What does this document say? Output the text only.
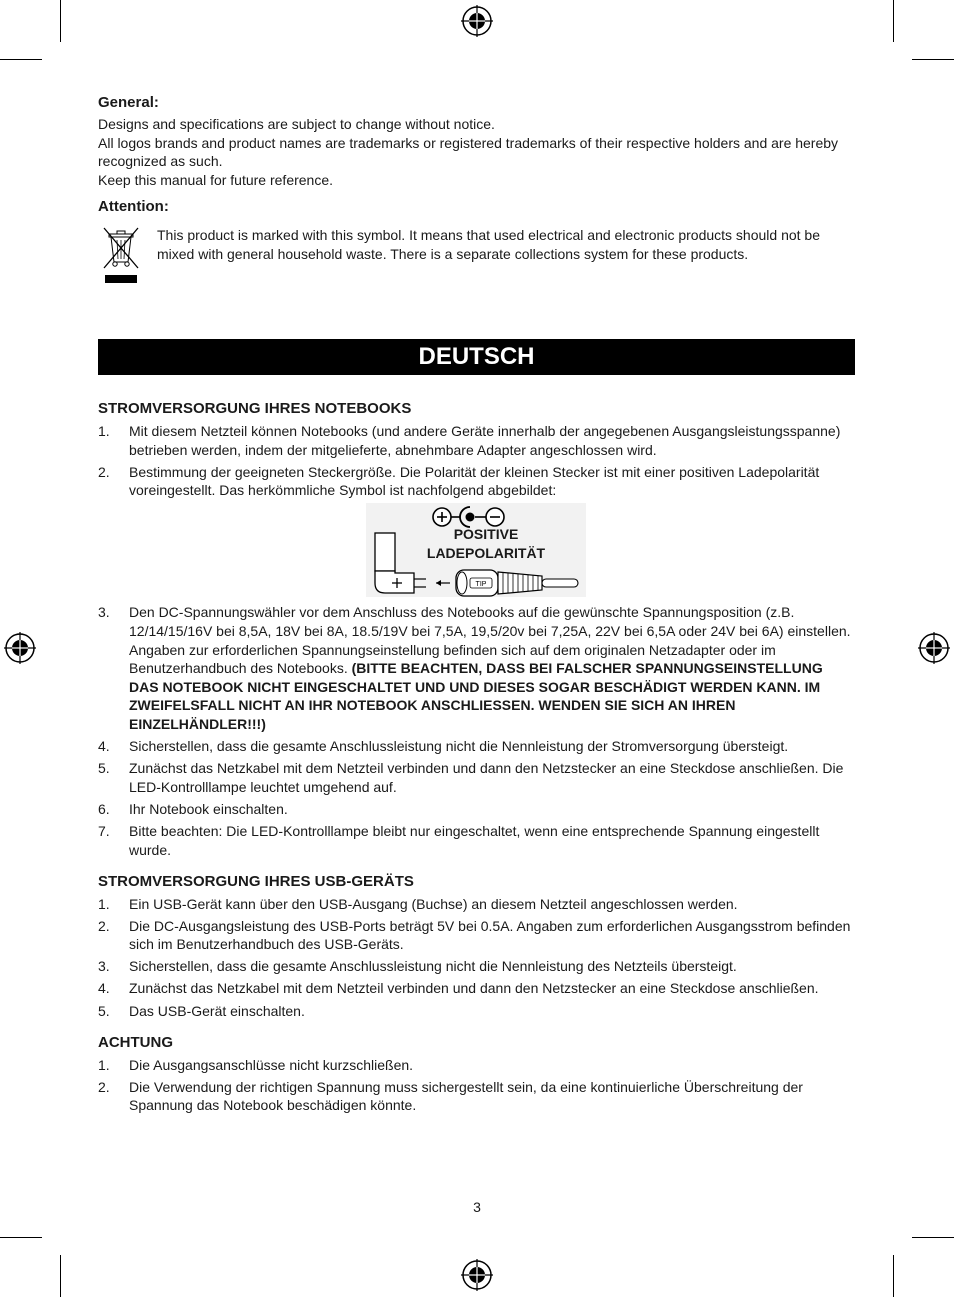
General:

Designs and specifications are subject to change without notice.

All logos brands and product names are trademarks or registered trademarks of their respective holders and are hereby recognized as such.

Keep this manual for future reference.

Attention:

This product is marked with this symbol. It means that used electrical and electronic products should not be mixed with general household waste. There is a separate collections system for these products.

DEUTSCH
STROMVERSORGUNG IHRES NOTEBOOKS
1. Mit diesem Netzteil können Notebooks (und andere Geräte innerhalb der angegebenen Ausgangsleistungsspanne) betrieben werden, indem der mitgelieferte, abnehmbare Adapter angeschlossen wird.
2. Bestimmung der geeigneten Steckergröße. Die Polarität der kleinen Stecker ist mit einer positiven Ladepolarität voreingestellt. Das herkömmliche Symbol ist nachfolgend abgebildet:
TIP
POSITIVE
LADEPOLARITÄT
3. Den DC-Spannungswähler vor dem Anschluss des Notebooks auf die gewünschte Spannungsposition (z.B. 12/14/15/16V bei 8,5A, 18V bei 8A, 18.5/19V bei 7,5A, 19,5/20v bei 7,25A, 22V bei 6,5A oder 24V bei 6A) einstellen. Angaben zur erforderlichen Spannungseinstellung befinden sich auf dem originalen Netzadapter oder im Benutzerhandbuch des Notebooks. (BITTE BEACHTEN, DASS BEI FALSCHER SPANNUNGSEINSTELLUNG DAS NOTEBOOK NICHT EINGESCHALTET UND UND DIESES SOGAR BESCHÄDIGT WERDEN KANN. IM ZWEIFELSFALL NICHT AN IHR NOTEBOOK ANSCHLIESSEN. WENDEN SIE SICH AN IHREN EINZELHÄNDLER!!!)
4. Sicherstellen, dass die gesamte Anschlussleistung nicht die Nennleistung der Stromversorgung übersteigt.
5. Zunächst das Netzkabel mit dem Netzteil verbinden und dann den Netzstecker an eine Steckdose anschließen. Die LED-Kontrolllampe leuchtet umgehend auf.
6. Ihr Notebook einschalten.
7. Bitte beachten: Die LED-Kontrolllampe bleibt nur eingeschaltet, wenn eine entsprechende Spannung eingestellt wurde.
STROMVERSORGUNG IHRES USB-GERÄTS
1. Ein USB-Gerät kann über den USB-Ausgang (Buchse) an diesem Netzteil angeschlossen werden.
2. Die DC-Ausgangsleistung des USB-Ports beträgt 5V bei 0.5A. Angaben zum erforderlichen Ausgangsstrom befinden sich im Benutzerhandbuch des USB-Geräts.
3. Sicherstellen, dass die gesamte Anschlussleistung nicht die Nennleistung des Netzteils übersteigt.
4. Zunächst das Netzkabel mit dem Netzteil verbinden und dann den Netzstecker an eine Steckdose anschließen.
5. Das USB-Gerät einschalten.
ACHTUNG
1. Die Ausgangsanschlüsse nicht kurzschließen.
2. Die Verwendung der richtigen Spannung muss sichergestellt sein, da eine kontinuierliche Überschreitung der Spannung das Notebook beschädigen könnte.
3
